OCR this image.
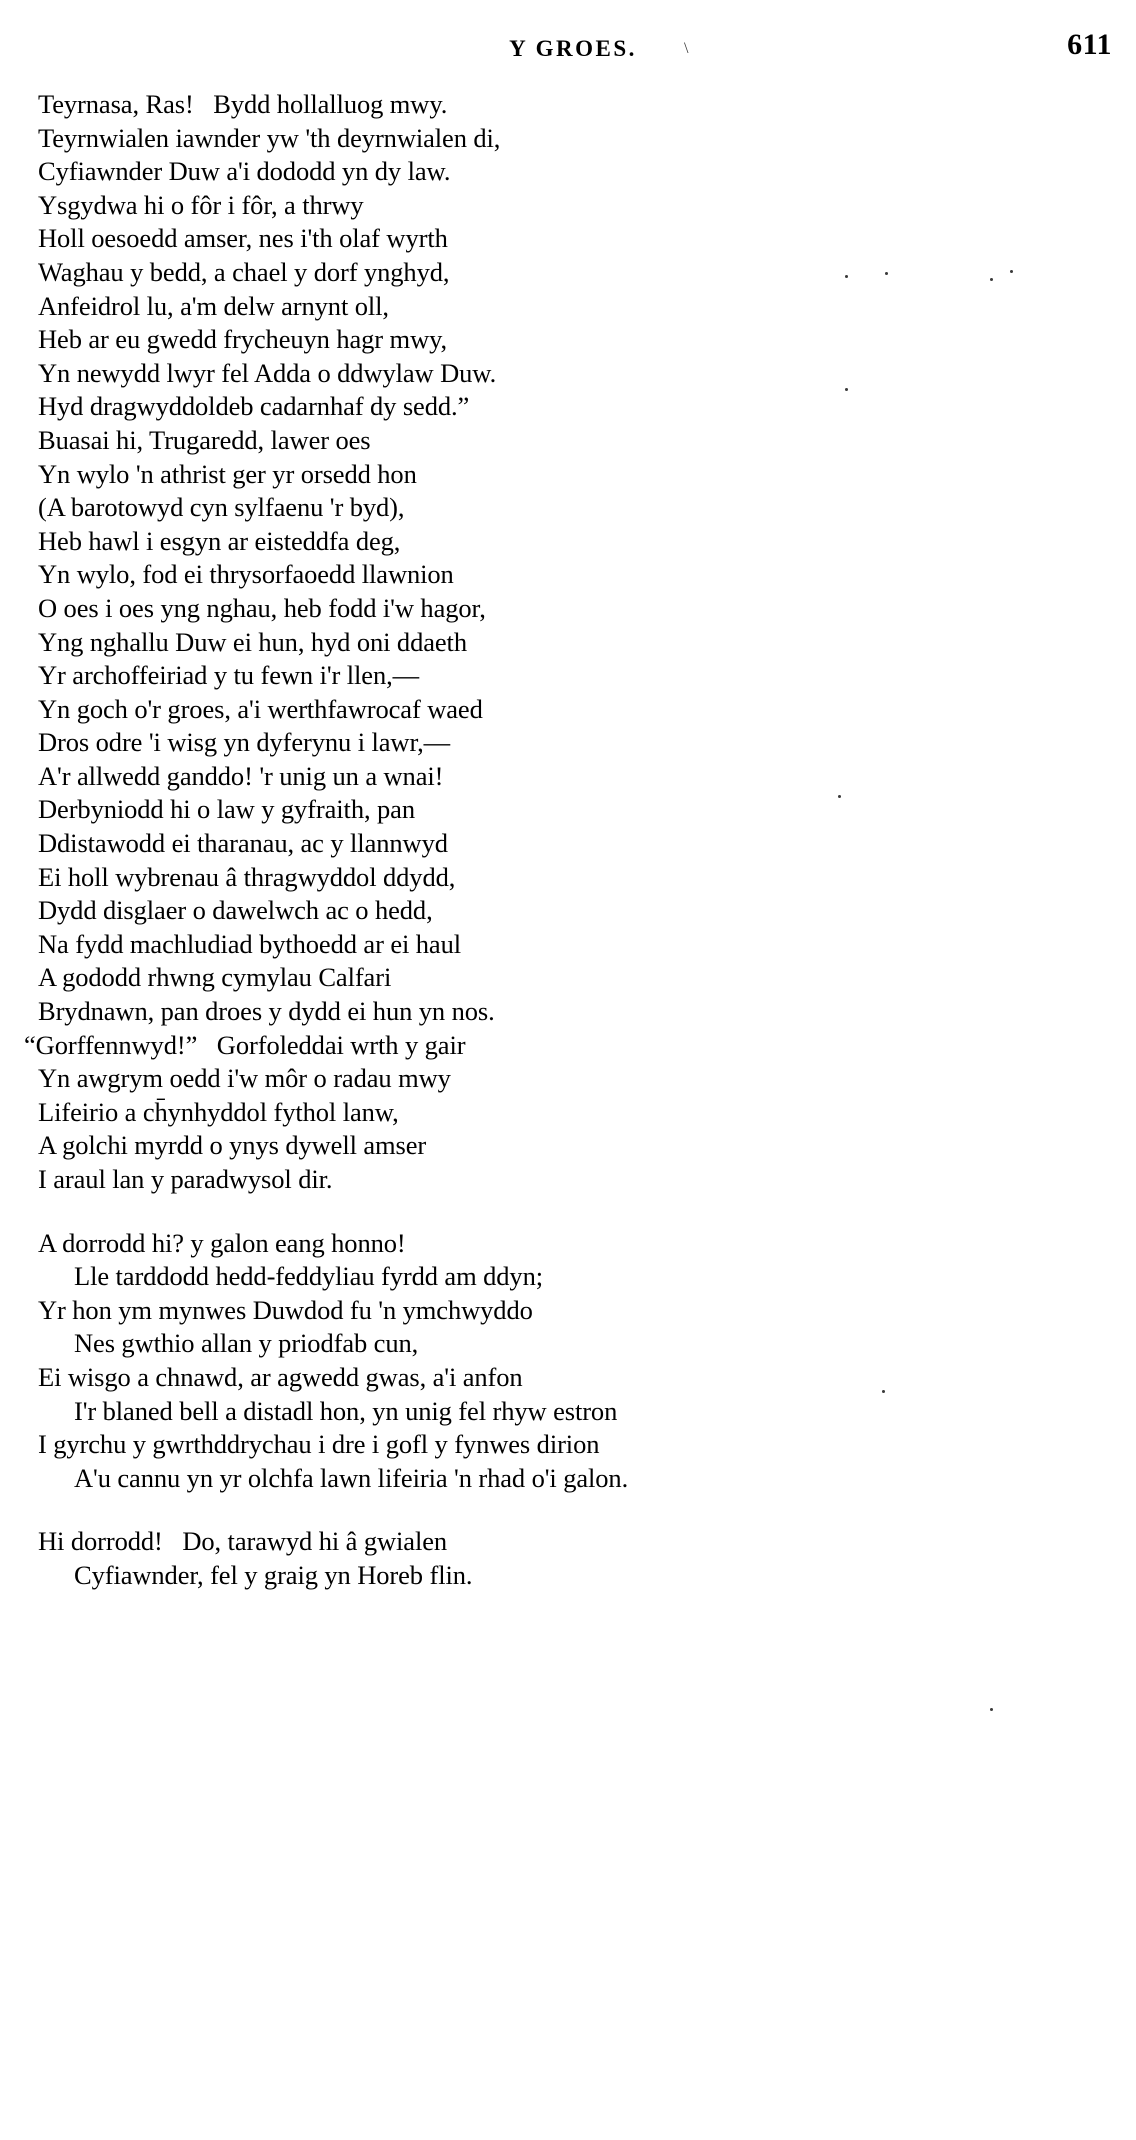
Y GROES.	\	611
Teyrnasa, Ras!   Bydd hollalluog mwy.
Teyrnwialen iawnder yw 'th deyrnwialen di,
Cyfiawnder Duw a'i dododd yn dy law.
Ysgydwa hi o fôr i fôr, a thrwy
Holl oesoedd amser, nes i'th olaf wyrth
Waghau y bedd, a chael y dorf ynghyd,
Anfeidrol lu, a'm delw arnynt oll,
Heb ar eu gwedd frycheuyn hagr mwy,
Yn newydd lwyr fel Adda o ddwylaw Duw.
Hyd dragwyddoldeb cadarnhaf dy sedd.”
Buasai hi, Trugaredd, lawer oes
Yn wylo 'n athrist ger yr orsedd hon
(A barotowyd cyn sylfaenu 'r byd),
Heb hawl i esgyn ar eisteddfa deg,
Yn wylo, fod ei thrysorfaoedd llawnion
O oes i oes yng nghau, heb fodd i'w hagor,
Yng nghallu Duw ei hun, hyd oni ddaeth
Yr archoffeiriad y tu fewn i'r llen,—
Yn goch o'r groes, a'i werthfawrocaf waed
Dros odre 'i wisg yn dyferynu i lawr,—
A'r allwedd ganddo! 'r unig un a wnai!
Derbyniodd hi o law y gyfraith, pan
Ddistawodd ei tharanau, ac y llannwyd
Ei holl wybrenau â thragwyddol ddydd,
Dydd disglaer o dawelwch ac o hedd,
Na fydd machludiad bythoedd ar ei haul
A gododd rhwng cymylau Calfari
Brydnawn, pan droes y dydd ei hun yn nos.
“Gorffennwyd!”   Gorfoleddai wrth y gair
Yn awgrym oedd i'w môr o radau mwy
Lifeirio a ch̄ynhyddol fythol lanw,
A golchi myrdd o ynys dywell amser
I araul lan y paradwysol dir.
A dorrodd hi? y galon eang honno!
Lle tarddodd hedd-feddyliau fyrdd am ddyn;
Yr hon ym mynwes Duwdod fu 'n ymchwyddo
Nes gwthio allan y priodfab cun,
Ei wisgo a chnawd, ar agwedd gwas, a'i anfon
I'r blaned bell a distadl hon, yn unig fel rhyw estron
I gyrchu y gwrthddrychau i dre i gofl y fynwes dirion
A'u cannu yn yr olchfa lawn lifeiria 'n rhad o'i galon.
Hi dorrodd!   Do, tarawyd hi â gwialen
Cyfiawnder, fel y graig yn Horeb flin.
